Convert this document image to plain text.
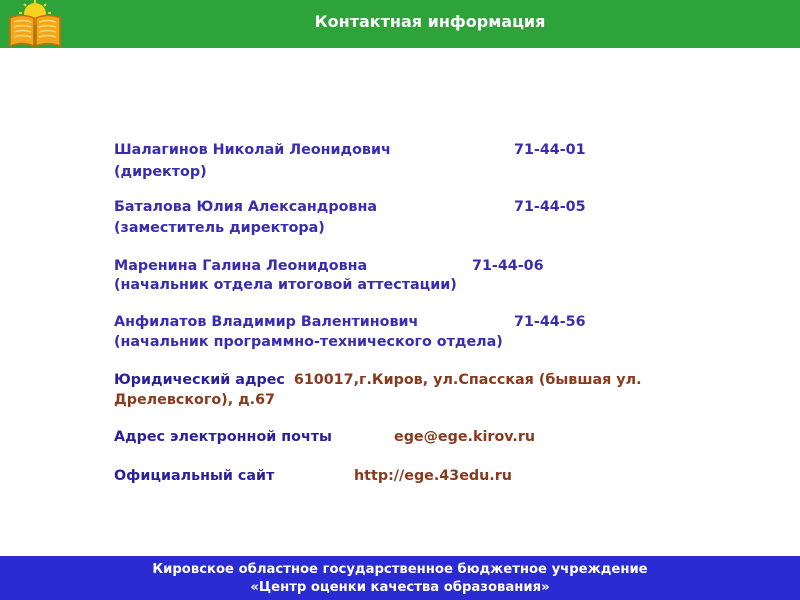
Контактная информация
Шалагинов Николай Леонидович	71-44-01
(директор)
Баталова Юлия Александровна	71-44-05
(заместитель директора)
Маренина Галина Леонидовна	71-44-06
(начальник отдела итоговой аттестации)
Анфилатов Владимир Валентинович	71-44-56
(начальник программно-технического отдела)
Юридический адрес 610017,г.Киров, ул.Спасская (бывшая ул.
Дрелевского), д.67
Адрес электронной почты	ege@ege.kirov.ru
Официальный сайт	http://ege.43edu.ru
Кировское областное государственное бюджетное учреждение
«Центр оценки качества образования»
